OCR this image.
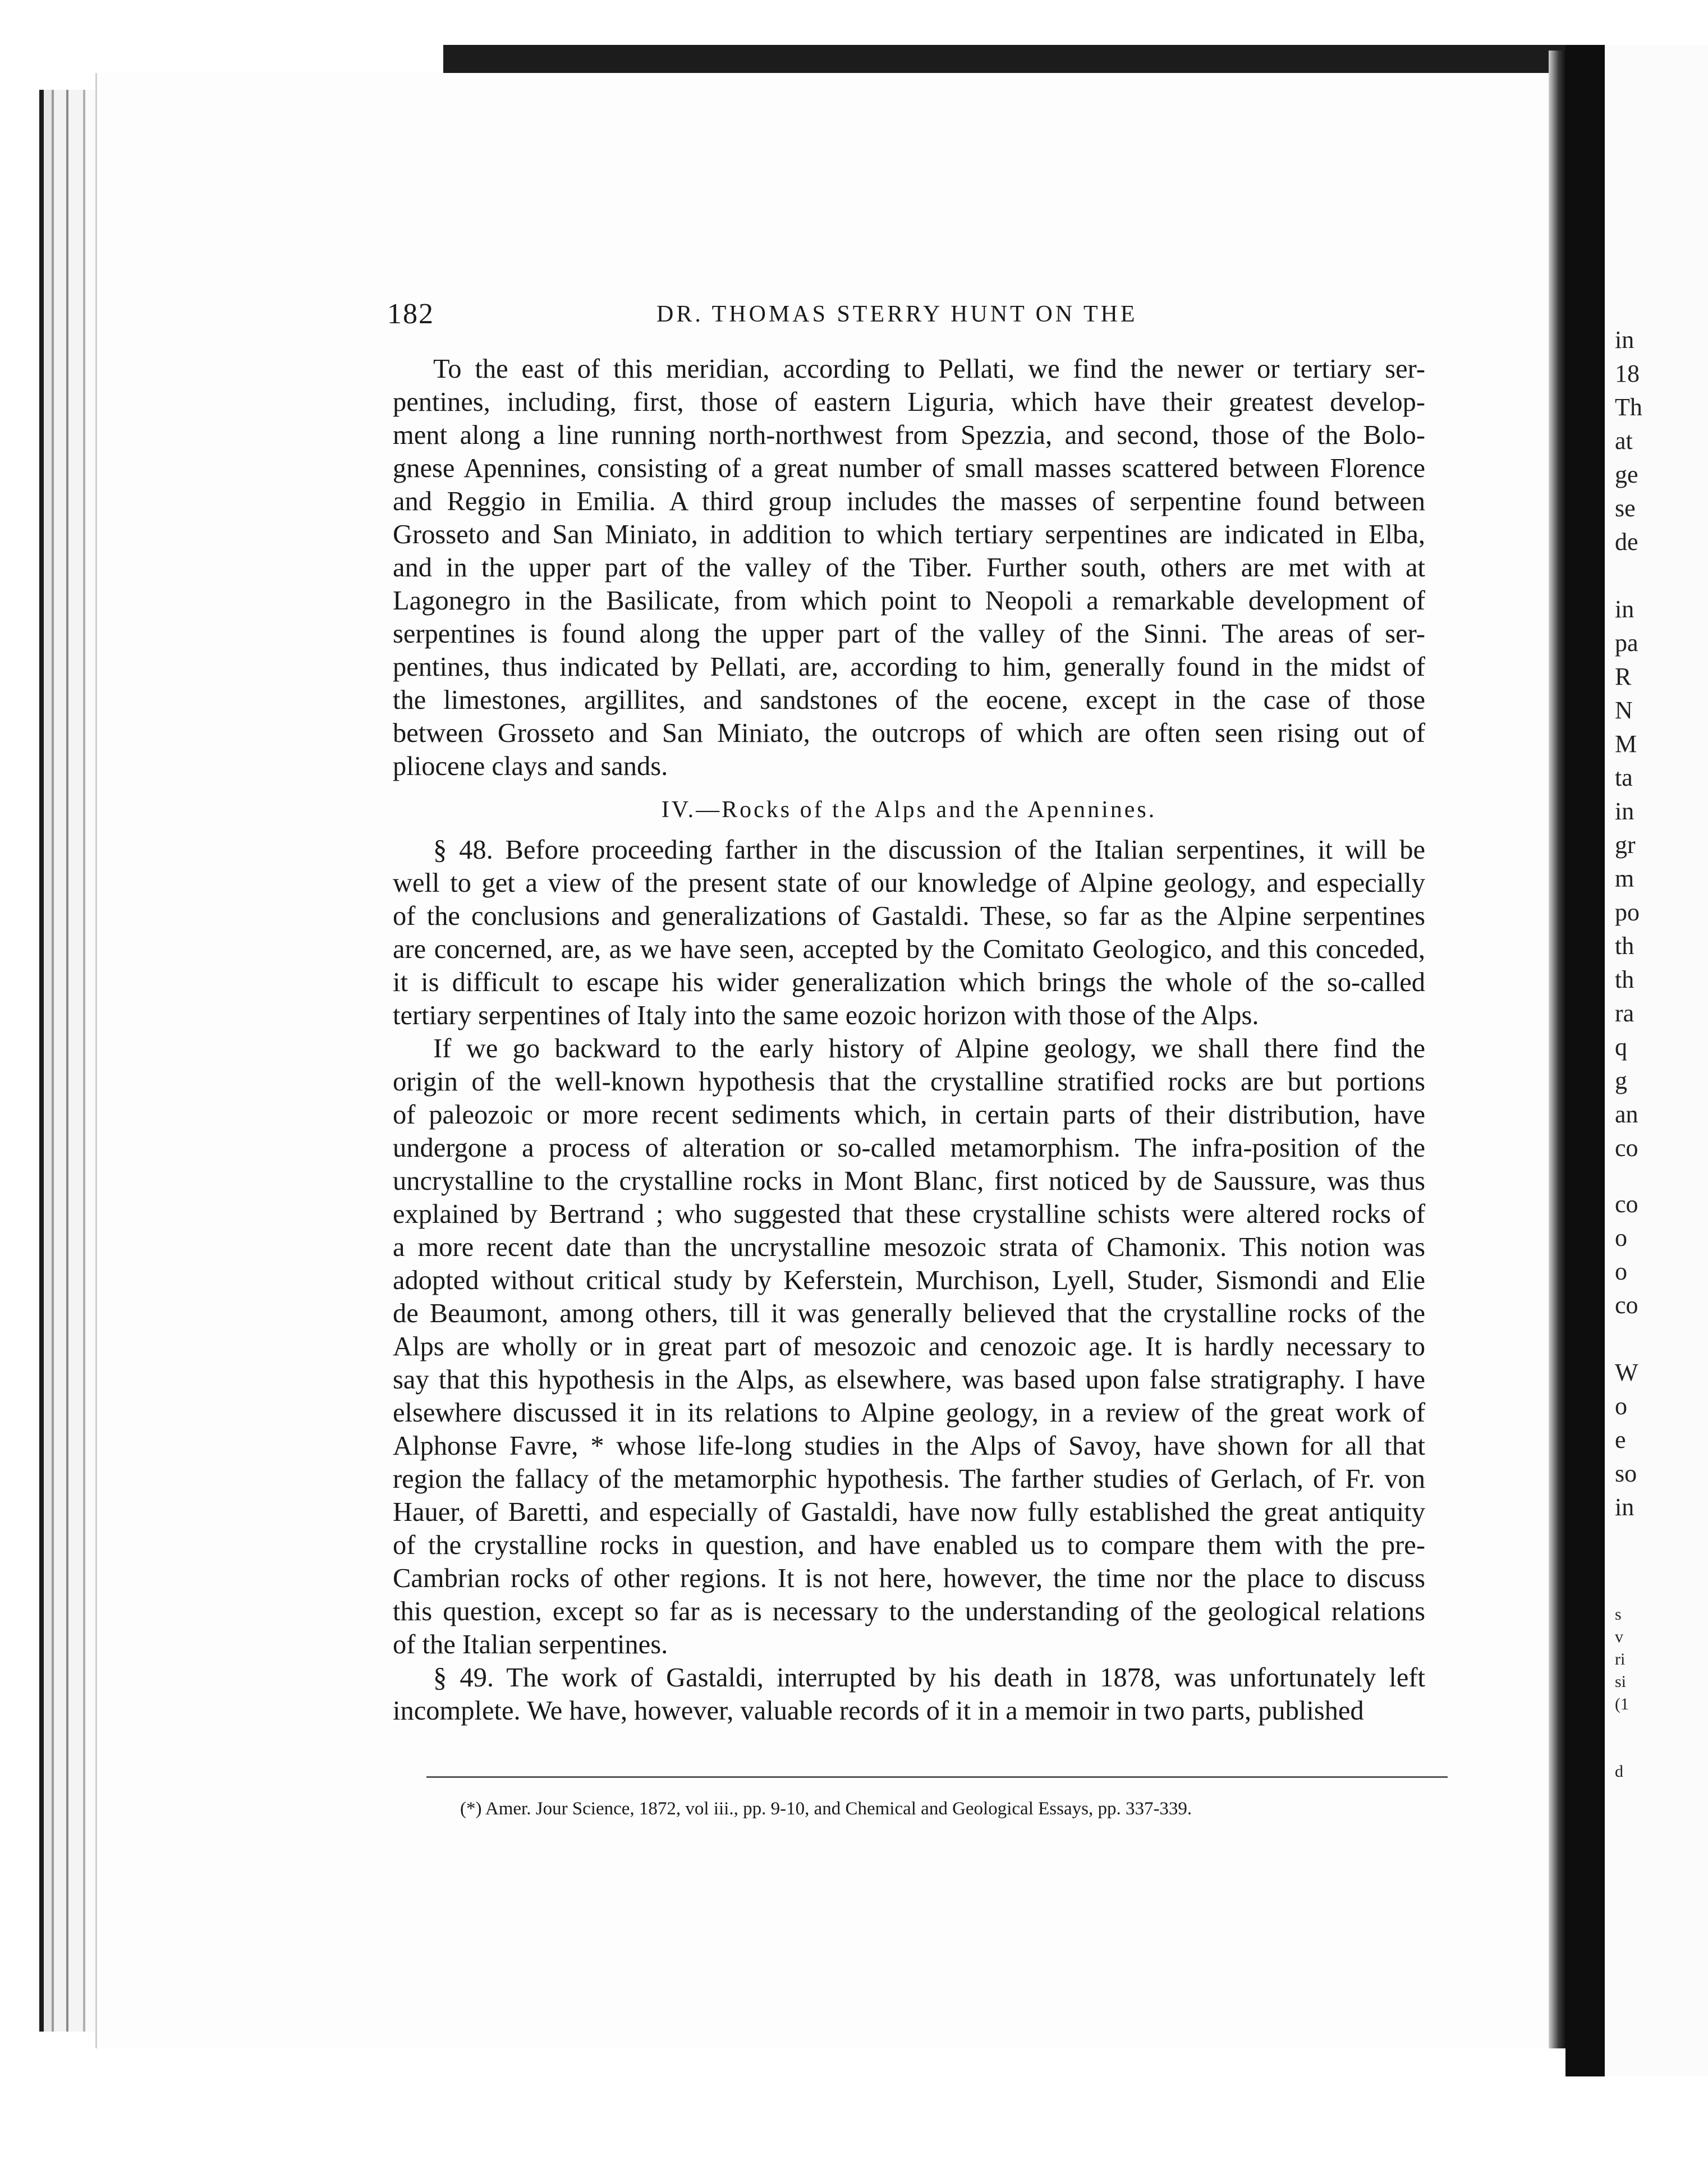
in
18
Th
at
ge
se
de
in
pa
R
N
M
ta
in
gr
m
po
th
th
ra
q
g
an
co
co
o
o
co
W
o
e
so
in
s
v
ri
si
(1
d
182	DR. THOMAS STERRY HUNT ON THE
To the east of this meridian, according to Pellati, we find the newer or tertiary ser-
pentines, including, first, those of eastern Liguria, which have their greatest develop-
ment along a line running north-northwest from Spezzia, and second, those of the Bolo-
gnese Apennines, consisting of a great number of small masses scattered between Florence
and Reggio in Emilia. A third group includes the masses of serpentine found between
Grosseto and San Miniato, in addition to which tertiary serpentines are indicated in Elba,
and in the upper part of the valley of the Tiber. Further south, others are met with at
Lagonegro in the Basilicate, from which point to Neopoli a remarkable development of
serpentines is found along the upper part of the valley of the Sinni. The areas of ser-
pentines, thus indicated by Pellati, are, according to him, generally found in the midst of
the limestones, argillites, and sandstones of the eocene, except in the case of those
between Grosseto and San Miniato, the outcrops of which are often seen rising out of
pliocene clays and sands.
IV.—Rocks of the Alps and the Apennines.
§ 48. Before proceeding farther in the discussion of the Italian serpentines, it will be
well to get a view of the present state of our knowledge of Alpine geology, and especially
of the conclusions and generalizations of Gastaldi. These, so far as the Alpine serpentines
are concerned, are, as we have seen, accepted by the Comitato Geologico, and this conceded,
it is difficult to escape his wider generalization which brings the whole of the so-called
tertiary serpentines of Italy into the same eozoic horizon with those of the Alps.
If we go backward to the early history of Alpine geology, we shall there find the
origin of the well-known hypothesis that the crystalline stratified rocks are but portions
of paleozoic or more recent sediments which, in certain parts of their distribution, have
undergone a process of alteration or so-called metamorphism. The infra-position of the
uncrystalline to the crystalline rocks in Mont Blanc, first noticed by de Saussure, was thus
explained by Bertrand ; who suggested that these crystalline schists were altered rocks of
a more recent date than the uncrystalline mesozoic strata of Chamonix. This notion was
adopted without critical study by Keferstein, Murchison, Lyell, Studer, Sismondi and Elie
de Beaumont, among others, till it was generally believed that the crystalline rocks of the
Alps are wholly or in great part of mesozoic and cenozoic age. It is hardly necessary to
say that this hypothesis in the Alps, as elsewhere, was based upon false stratigraphy. I have
elsewhere discussed it in its relations to Alpine geology, in a review of the great work of
Alphonse Favre, * whose life-long studies in the Alps of Savoy, have shown for all that
region the fallacy of the metamorphic hypothesis. The farther studies of Gerlach, of Fr. von
Hauer, of Baretti, and especially of Gastaldi, have now fully established the great antiquity
of the crystalline rocks in question, and have enabled us to compare them with the pre-
Cambrian rocks of other regions. It is not here, however, the time nor the place to discuss
this question, except so far as is necessary to the understanding of the geological relations
of the Italian serpentines.
§ 49. The work of Gastaldi, interrupted by his death in 1878, was unfortunately left
incomplete. We have, however, valuable records of it in a memoir in two parts, published
(*) Amer. Jour Science, 1872, vol iii., pp. 9-10, and Chemical and Geological Essays, pp. 337-339.
